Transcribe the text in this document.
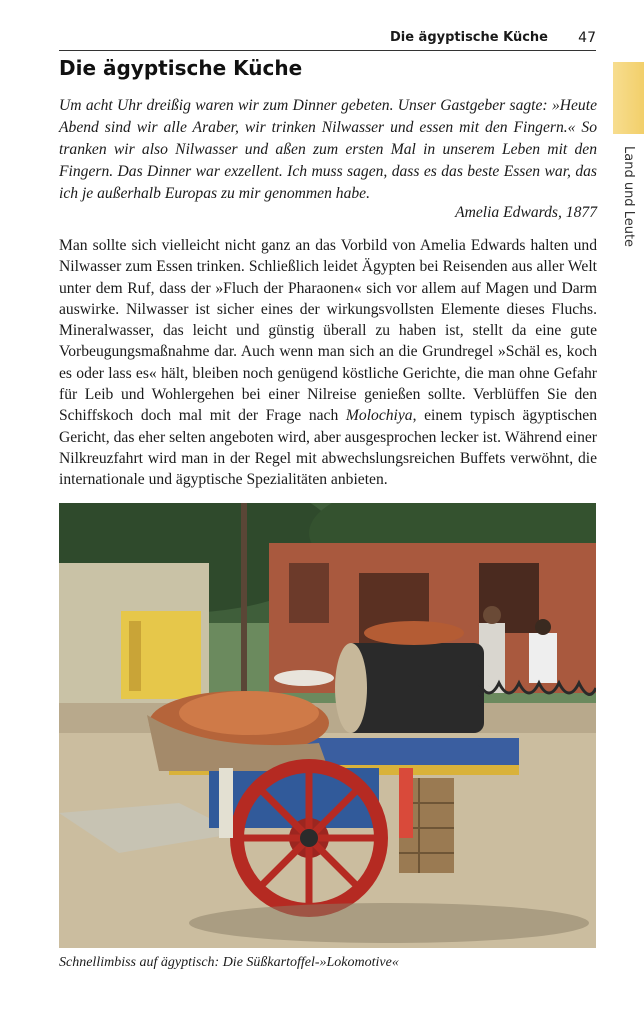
Die ägyptische Küche 47
Land und Leute
Die ägyptische Küche

Um acht Uhr dreißig waren wir zum Dinner gebeten. Unser Gastgeber sagte: »Heute Abend sind wir alle Araber, wir trinken Nilwasser und essen mit den Fingern.« So tranken wir also Nilwasser und aßen zum ersten Mal in unserem Leben mit den Fingern. Das Dinner war exzellent. Ich muss sagen, dass es das beste Essen war, das ich je außerhalb Europas zu mir genommen habe.

Amelia Edwards, 1877

Man sollte sich vielleicht nicht ganz an das Vorbild von Amelia Edwards halten und Nilwasser zum Essen trinken. Schließlich leidet Ägypten bei Reisenden aus aller Welt unter dem Ruf, dass der »Fluch der Pharaonen« sich vor allem auf Magen und Darm auswirke. Nilwasser ist sicher eines der wirkungsvollsten Elemente dieses Fluchs. Mineralwasser, das leicht und günstig überall zu haben ist, stellt da eine gute Vorbeugungsmaßnahme dar. Auch wenn man sich an die Grundregel »Schäl es, koch es oder lass es« hält, bleiben noch genügend köstliche Gerichte, die man ohne Gefahr für Leib und Wohlergehen bei einer Nilreise genießen sollte. Verblüffen Sie den Schiffskoch doch mal mit der Frage nach Molochiya, einem typisch ägyptischen Gericht, das eher selten angeboten wird, aber ausgesprochen lecker ist. Während einer Nilkreuzfahrt wird man in der Regel mit abwechslungsreichen Buffets verwöhnt, die internationale und ägyptische Spezialitäten anbieten.

Schnellimbiss auf ägyptisch: Die Süßkartoffel-»Lokomotive«
